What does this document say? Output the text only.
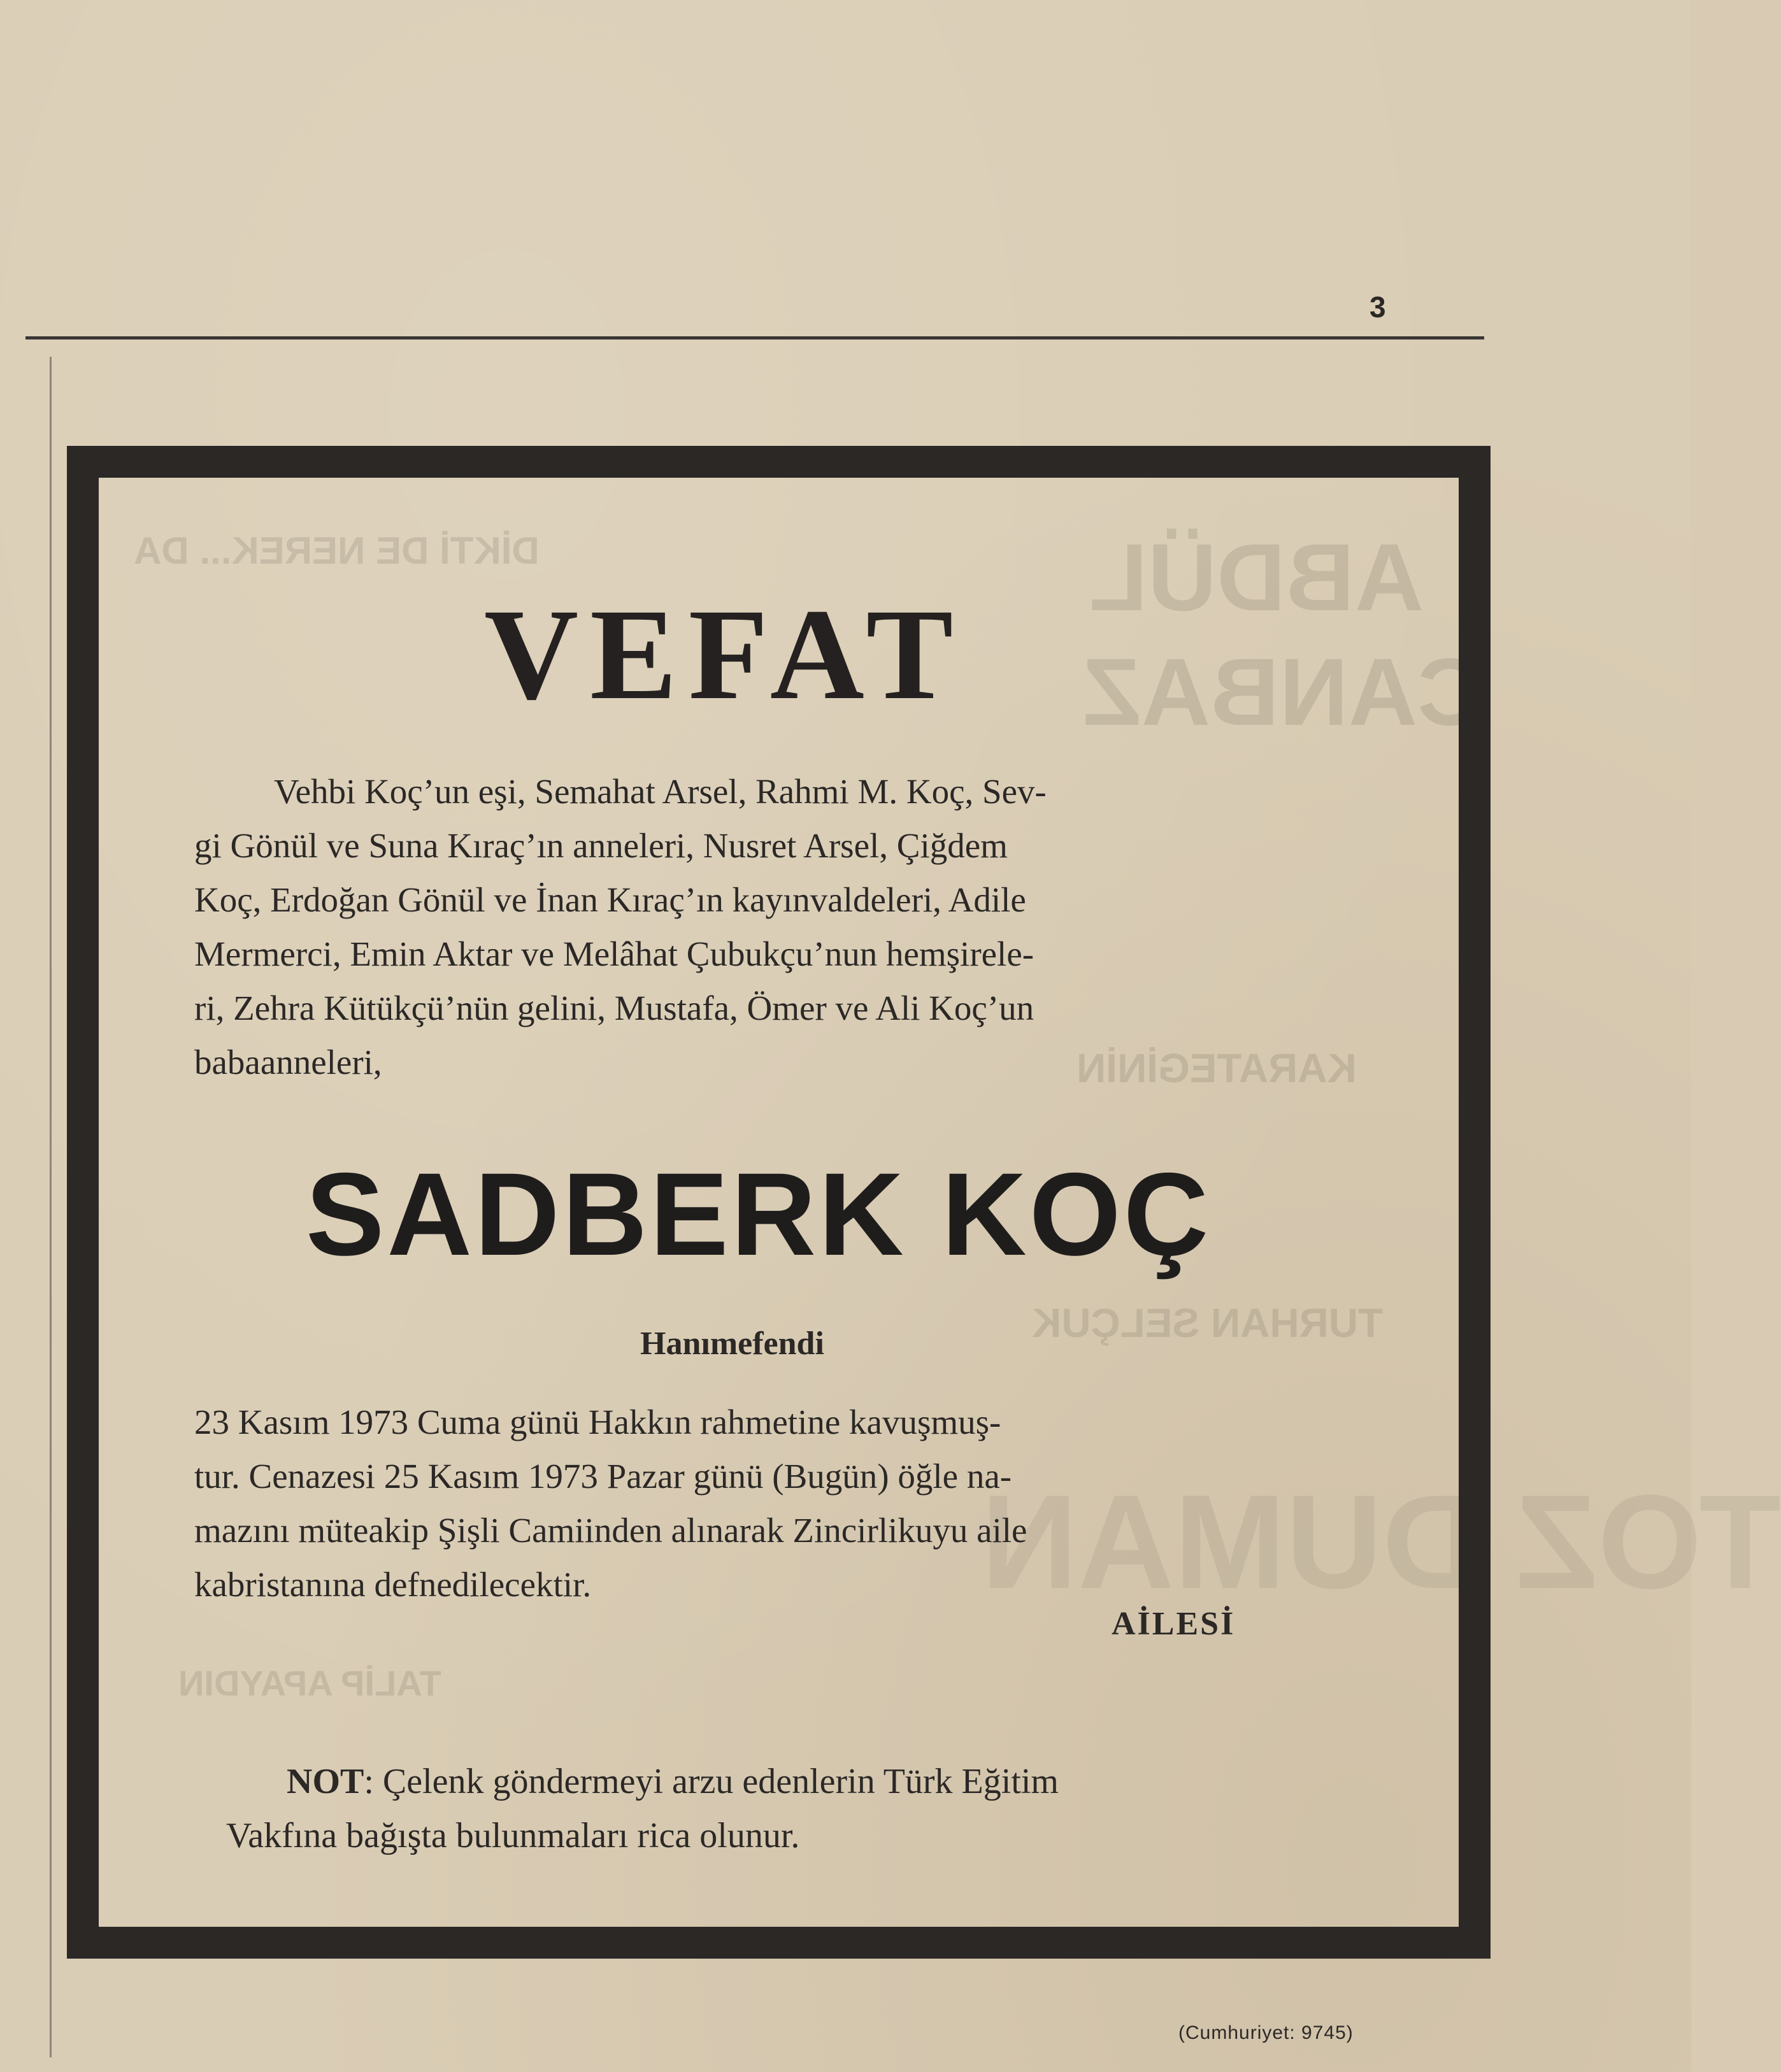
3
DİKTİ DE NEREK... DA	ABDÜL
CANBAZ
KARATEGİNİN
TURHAN SELÇUK
TALİP APAYDIN
TOZ DUMAN
VEFAT
Vehbi Koç’un eşi, Semahat Arsel, Rahmi M. Koç, Sev-
gi Gönül ve Suna Kıraç’ın anneleri, Nusret Arsel, Çiğdem
Koç, Erdoğan Gönül ve İnan Kıraç’ın kayınvaldeleri, Adile
Mermerci, Emin Aktar ve Melâhat Çubukçu’nun hemşirele-
ri, Zehra Kütükçü’nün gelini, Mustafa, Ömer ve Ali Koç’un
babaanneleri,
SADBERK KOÇ
Hanımefendi
23 Kasım 1973 Cuma günü Hakkın rahmetine kavuşmuş-
tur. Cenazesi 25 Kasım 1973 Pazar günü (Bugün) öğle na-
mazını müteakip Şişli Camiinden alınarak Zincirlikuyu aile
kabristanına defnedilecektir.
AİLESİ
NOT: Çelenk göndermeyi arzu edenlerin Türk Eğitim
Vakfına bağışta bulunmaları rica olunur.
(Cumhuriyet: 9745)
